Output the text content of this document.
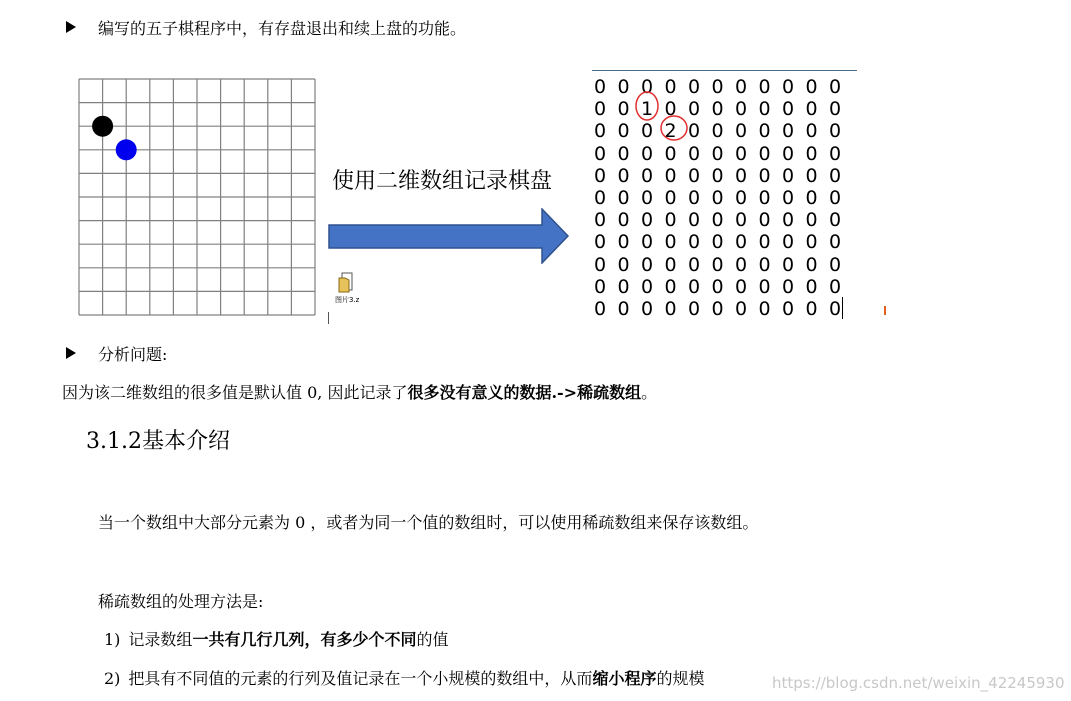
编写的五子棋程序中，有存盘退出和续上盘的功能。
使用二维数组记录棋盘
图片3.z
0 0 0 0 0 0 0 0 0 0 0
0 0 1 0 0 0 0 0 0 0 0
0 0 0 2 0 0 0 0 0 0 0
0 0 0 0 0 0 0 0 0 0 0
0 0 0 0 0 0 0 0 0 0 0
0 0 0 0 0 0 0 0 0 0 0
0 0 0 0 0 0 0 0 0 0 0
0 0 0 0 0 0 0 0 0 0 0
0 0 0 0 0 0 0 0 0 0 0
0 0 0 0 0 0 0 0 0 0 0
0 0 0 0 0 0 0 0 0 0 0
分析问题:
因为该二维数组的很多值是默认值 0, 因此记录了很多没有意义的数据.->稀疏数组。
3.1.2基本介绍
当一个数组中大部分元素为 0 ，或者为同一个值的数组时，可以使用稀疏数组来保存该数组。
稀疏数组的处理方法是:
1) 记录数组一共有几行几列，有多少个不同的值
2) 把具有不同值的元素的行列及值记录在一个小规模的数组中，从而缩小程序的规模	https://blog.csdn.net/weixin_42245930
